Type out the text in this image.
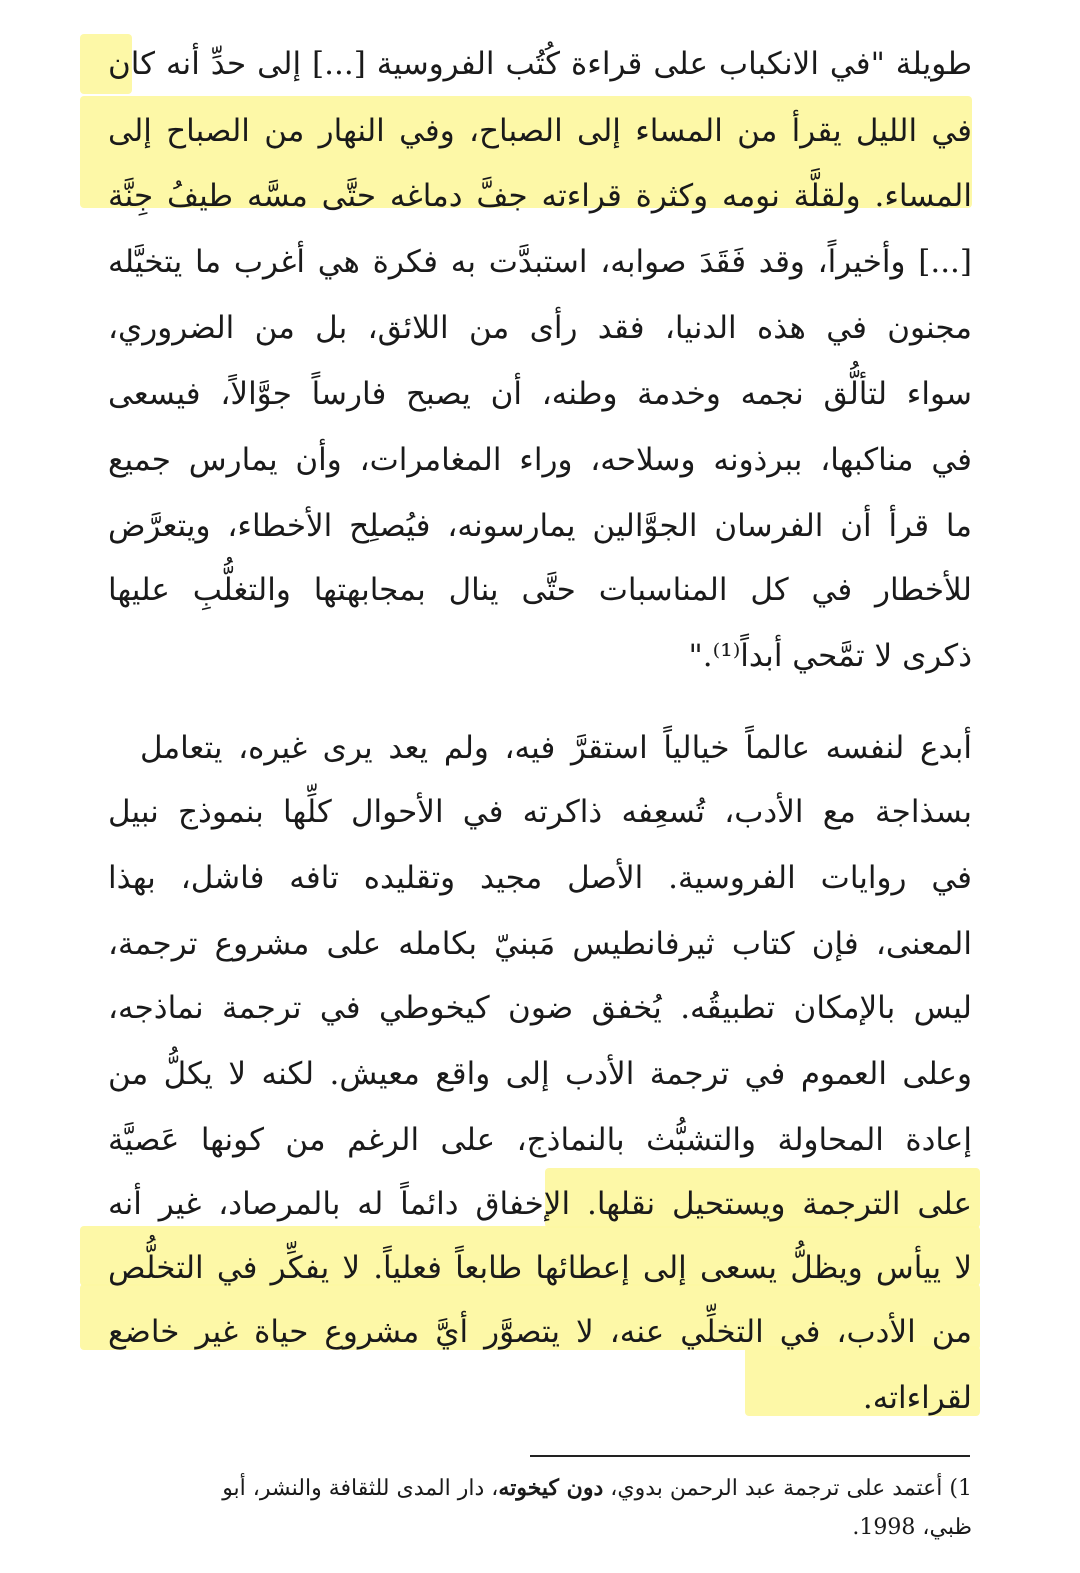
طويلة "في الانكباب على قراءة كُتُب الفروسية [...] إلى حدِّ أنه كان
في الليل يقرأ من المساء إلى الصباح، وفي النهار من الصباح إلى
المساء. ولقلَّة نومه وكثرة قراءته جفَّ دماغه حتَّى مسَّه طيفُ جِنَّة
[...] وأخيراً، وقد فَقَدَ صوابه، استبدَّت به فكرة هي أغرب ما يتخيَّله
مجنون في هذه الدنيا، فقد رأى من اللائق، بل من الضروري،
سواء لتألُّق نجمه وخدمة وطنه، أن يصبح فارساً جوَّالاً، فيسعى
في مناكبها، ببرذونه وسلاحه، وراء المغامرات، وأن يمارس جميع
ما قرأ أن الفرسان الجوَّالين يمارسونه، فيُصلِح الأخطاء، ويتعرَّض
للأخطار في كل المناسبات حتَّى ينال بمجابهتها والتغلُّبِ عليها
ذكرى لا تمَّحي أبداً⁽¹⁾."
أبدع لنفسه عالماً خيالياً استقرَّ فيه، ولم يعد يرى غيره، يتعامل
بسذاجة مع الأدب، تُسعِفه ذاكرته في الأحوال كلِّها بنموذج نبيل
في روايات الفروسية. الأصل مجيد وتقليده تافه فاشل، بهذا
المعنى، فإن كتاب ثيرفانطيس مَبنيّ بكامله على مشروع ترجمة،
ليس بالإمكان تطبيقُه. يُخفق ضون كيخوطي في ترجمة نماذجه،
وعلى العموم في ترجمة الأدب إلى واقع معيش. لكنه لا يكلُّ من
إعادة المحاولة والتشبُّث بالنماذج، على الرغم من كونها عَصيَّة
على الترجمة ويستحيل نقلها. الإخفاق دائماً له بالمرصاد، غير أنه
لا ييأس ويظلُّ يسعى إلى إعطائها طابعاً فعلياً. لا يفكِّر في التخلُّص
من الأدب، في التخلِّي عنه، لا يتصوَّر أيَّ مشروع حياة غير خاضع
لقراءاته.
1) أعتمد على ترجمة عبد الرحمن بدوي، دون كيخوته، دار المدى للثقافة والنشر، أبو
ظبي، 1998.
